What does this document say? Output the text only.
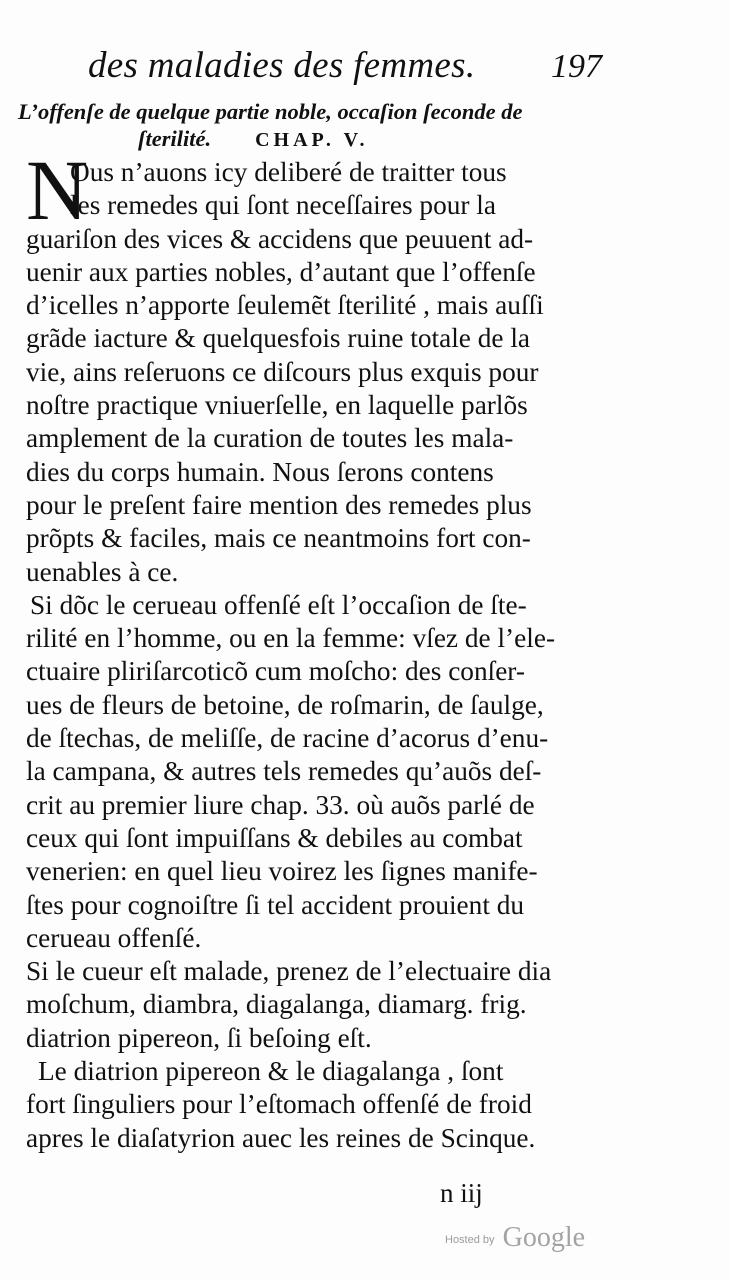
des maladies des femmes. 197
L’offenſe de quelque partie noble, occaſion ſeconde de
ſterilité. CHAP. V.
N
Ous n’auons icy deliberé de traitter tous
les remedes qui ſont neceſſaires pour la
guariſon des vices & accidens que peuuent ad-
uenir aux parties nobles, d’autant que l’offenſe
d’icelles n’apporte ſeulemẽt ſterilité , mais auſſi
grãde iacture & quelquesfois ruine totale de la
vie, ains reſeruons ce diſcours plus exquis pour
noſtre practique vniuerſelle, en laquelle parlõs
amplement de la curation de toutes les mala-
dies du corps humain. Nous ſerons contens
pour le preſent faire mention des remedes plus
prõpts & faciles, mais ce neantmoins fort con-
uenables à ce.
Si dõc le cerueau offenſé eſt l’occaſion de ſte-
rilité en l’homme, ou en la femme: vſez de l’ele-
ctuaire pliriſarcoticõ cum moſcho: des conſer-
ues de fleurs de betoine, de roſmarin, de ſaulge,
de ſtechas, de meliſſe, de racine d’acorus d’enu-
la campana, & autres tels remedes qu’auõs deſ-
crit au premier liure chap. 33. où auõs parlé de
ceux qui ſont impuiſſans & debiles au combat
venerien: en quel lieu voirez les ſignes manife-
ſtes pour cognoiſtre ſi tel accident prouient du
cerueau offenſé.
Si le cueur eſt malade, prenez de l’electuaire dia
moſchum, diambra, diagalanga, diamarg. frig.
diatrion pipereon, ſi beſoing eſt.
Le diatrion pipereon & le diagalanga , ſont
fort ſinguliers pour l’eſtomach offenſé de froid
apres le diaſatyrion auec les reines de Scinque.
n iij
Hosted by Google
